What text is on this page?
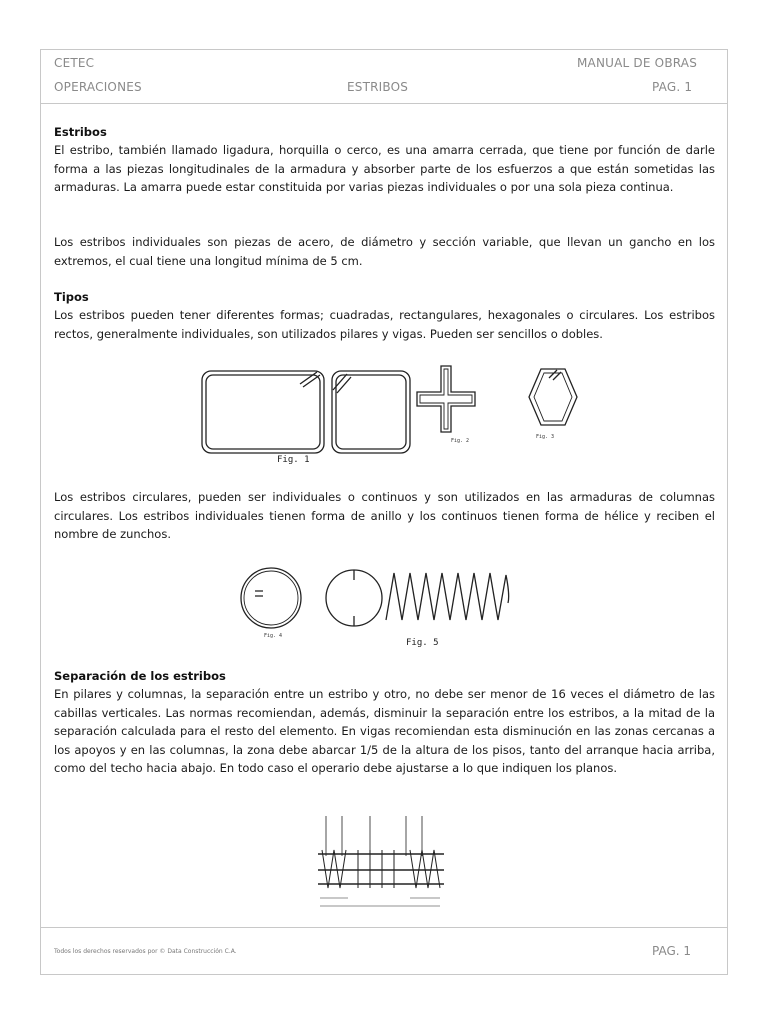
CETEC	MANUAL DE OBRAS
OPERACIONES	ESTRIBOS	PAG. 1

Estribos

El estribo, también llamado ligadura, horquilla o cerco, es una amarra cerrada, que tiene por función de darle forma a las piezas longitudinales de la armadura y absorber parte de los esfuerzos a que están sometidas las armaduras. La amarra puede estar constituida por varias piezas individuales o por una sola pieza continua.

Los estribos individuales son piezas de acero, de diámetro y sección variable, que llevan un gancho en los extremos, el cual tiene una longitud mínima de 5 cm.

Tipos

Los estribos pueden tener diferentes formas; cuadradas, rectangulares, hexagonales o circulares. Los estribos rectos, generalmente individuales, son utilizados pilares y vigas. Pueden ser sencillos o dobles.

Fig. 1
Fig. 2
Fig. 3

Los estribos circulares, pueden ser individuales o continuos y son utilizados en las armaduras de columnas circulares. Los estribos individuales tienen forma de anillo y los continuos tienen forma de hélice y reciben el nombre de zunchos.

Fig. 4
Fig. 5

Separación de los estribos

En pilares y columnas, la separación entre un estribo y otro, no debe ser menor de 16 veces el diámetro de las cabillas verticales. Las normas recomiendan, además, disminuir la separación entre los estribos, a la mitad de la separación calculada para el resto del elemento. En vigas recomiendan esta disminución en las zonas cercanas a los apoyos y en las columnas, la zona debe abarcar 1/5 de la altura de los pisos, tanto del arranque hacia arriba, como del techo hacia abajo. En todo caso el operario debe ajustarse a lo que indiquen los planos.

Todos los derechos reservados por © Data Construcción C.A.	PAG. 1
